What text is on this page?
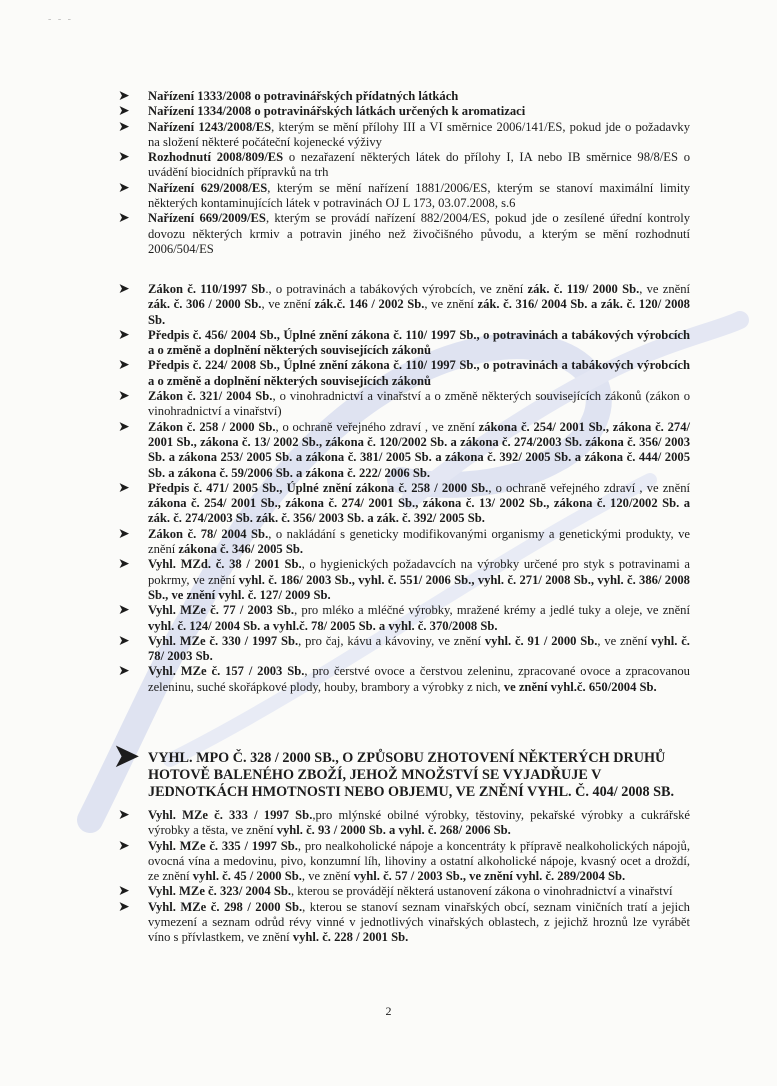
- - -
➤ Nařízení 1333/2008 o potravinářských přídatných látkách
➤ Nařízení 1334/2008 o potravinářských látkách určených k aromatizaci
➤ Nařízení 1243/2008/ES, kterým se mění přílohy III a VI směrnice 2006/141/ES, pokud jde o požadavky na složení některé počáteční kojenecké výživy
➤ Rozhodnutí 2008/809/ES o nezařazení některých látek do přílohy I, IA nebo IB směrnice 98/8/ES o uvádění biocidních přípravků na trh
➤ Nařízení 629/2008/ES, kterým se mění nařízení 1881/2006/ES, kterým se stanoví maximální limity některých kontaminujících látek v potravinách OJ L 173, 03.07.2008, s.6
➤ Nařízení 669/2009/ES, kterým se provádí nařízení 882/2004/ES, pokud jde o zesílené úřední kontroly dovozu některých krmiv a potravin jiného než živočišného původu, a kterým se mění rozhodnutí 2006/504/ES
➤ Zákon č. 110/1997 Sb., o potravinách a tabákových výrobcích, ve znění zák. č. 119/ 2000 Sb., ve znění zák. č. 306 / 2000 Sb., ve znění zák.č. 146 / 2002 Sb., ve znění zák. č. 316/ 2004 Sb. a zák. č. 120/ 2008 Sb.
➤ Předpis č. 456/ 2004 Sb., Úplné znění zákona č. 110/ 1997 Sb., o potravinách a tabákových výrobcích a o změně a doplnění některých souvisejících zákonů
➤ Předpis č. 224/ 2008 Sb., Úplné znění zákona č. 110/ 1997 Sb., o potravinách a tabákových výrobcích a o změně a doplnění některých souvisejících zákonů
➤ Zákon č. 321/ 2004 Sb., o vinohradnictví a vinařství a o změně některých souvisejících zákonů (zákon o vinohradnictví a vinařství)
➤ Zákon č. 258 / 2000 Sb., o ochraně veřejného zdraví , ve znění zákona č. 254/ 2001 Sb., zákona č. 274/ 2001 Sb., zákona č. 13/ 2002 Sb., zákona č. 120/2002 Sb. a zákona č. 274/2003 Sb. zákona č. 356/ 2003 Sb. a zákona 253/ 2005 Sb. a zákona č. 381/ 2005 Sb. a zákona č. 392/ 2005 Sb. a zákona č. 444/ 2005 Sb. a zákona č. 59/2006 Sb. a zákona č. 222/ 2006 Sb.
➤ Předpis č. 471/ 2005 Sb., Úplné znění zákona č. 258 / 2000 Sb., o ochraně veřejného zdraví , ve znění zákona č. 254/ 2001 Sb., zákona č. 274/ 2001 Sb., zákona č. 13/ 2002 Sb., zákona č. 120/2002 Sb. a zák. č. 274/2003 Sb. zák. č. 356/ 2003 Sb. a zák. č. 392/ 2005 Sb.
➤ Zákon č. 78/ 2004 Sb., o nakládání s geneticky modifikovanými organismy a genetickými produkty, ve znění zákona č. 346/ 2005 Sb.
➤ Vyhl. MZd. č. 38 / 2001 Sb., o hygienických požadavcích na výrobky určené pro styk s potravinami a pokrmy, ve znění vyhl. č. 186/ 2003 Sb., vyhl. č. 551/ 2006 Sb., vyhl. č. 271/ 2008 Sb., vyhl. č. 386/ 2008 Sb., ve znění vyhl. č. 127/ 2009 Sb.
➤ Vyhl. MZe č. 77 / 2003 Sb., pro mléko a mléčné výrobky, mražené krémy a jedlé tuky a oleje, ve znění vyhl. č. 124/ 2004 Sb. a vyhl.č. 78/ 2005 Sb. a vyhl. č. 370/2008 Sb.
➤ Vyhl. MZe č. 330 / 1997 Sb., pro čaj, kávu a kávoviny, ve znění vyhl. č. 91 / 2000 Sb., ve znění vyhl. č. 78/ 2003 Sb.
➤ Vyhl. MZe č. 157 / 2003 Sb., pro čerstvé ovoce a čerstvou zeleninu, zpracované ovoce a zpracovanou zeleninu, suché skořápkové plody, houby, brambory a výrobky z nich, ve znění vyhl.č. 650/2004 Sb.
➤ VYHL. MPO Č. 328 / 2000 SB., O ZPŮSOBU ZHOTOVENÍ NĚKTERÝCH DRUHŮ HOTOVĚ BALENÉHO ZBOŽÍ, JEHOŽ MNOŽSTVÍ SE VYJADŘUJE V JEDNOTKÁCH HMOTNOSTI NEBO OBJEMU, VE ZNĚNÍ VYHL. Č. 404/ 2008 SB.
➤ Vyhl. MZe č. 333 / 1997 Sb.,pro mlýnské obilné výrobky, těstoviny, pekařské výrobky a cukrářské výrobky a těsta, ve znění vyhl. č. 93 / 2000 Sb. a vyhl. č. 268/ 2006 Sb.
➤ Vyhl. MZe č. 335 / 1997 Sb., pro nealkoholické nápoje a koncentráty k přípravě nealkoholických nápojů, ovocná vína a medovinu, pivo, konzumní líh, lihoviny a ostatní alkoholické nápoje, kvasný ocet a droždí, ze znění vyhl. č. 45 / 2000 Sb., ve znění vyhl. č. 57 / 2003 Sb., ve znění vyhl. č. 289/2004 Sb.
➤ Vyhl. MZe č. 323/ 2004 Sb., kterou se provádějí některá ustanovení zákona o vinohradnictví a vinařství
➤ Vyhl. MZe č. 298 / 2000 Sb., kterou se stanoví seznam vinařských obcí, seznam viničních tratí a jejich vymezení a seznam odrůd révy vinné v jednotlivých vinařských oblastech, z jejichž hroznů lze vyrábět víno s přívlastkem, ve znění vyhl. č. 228 / 2001 Sb.
2
